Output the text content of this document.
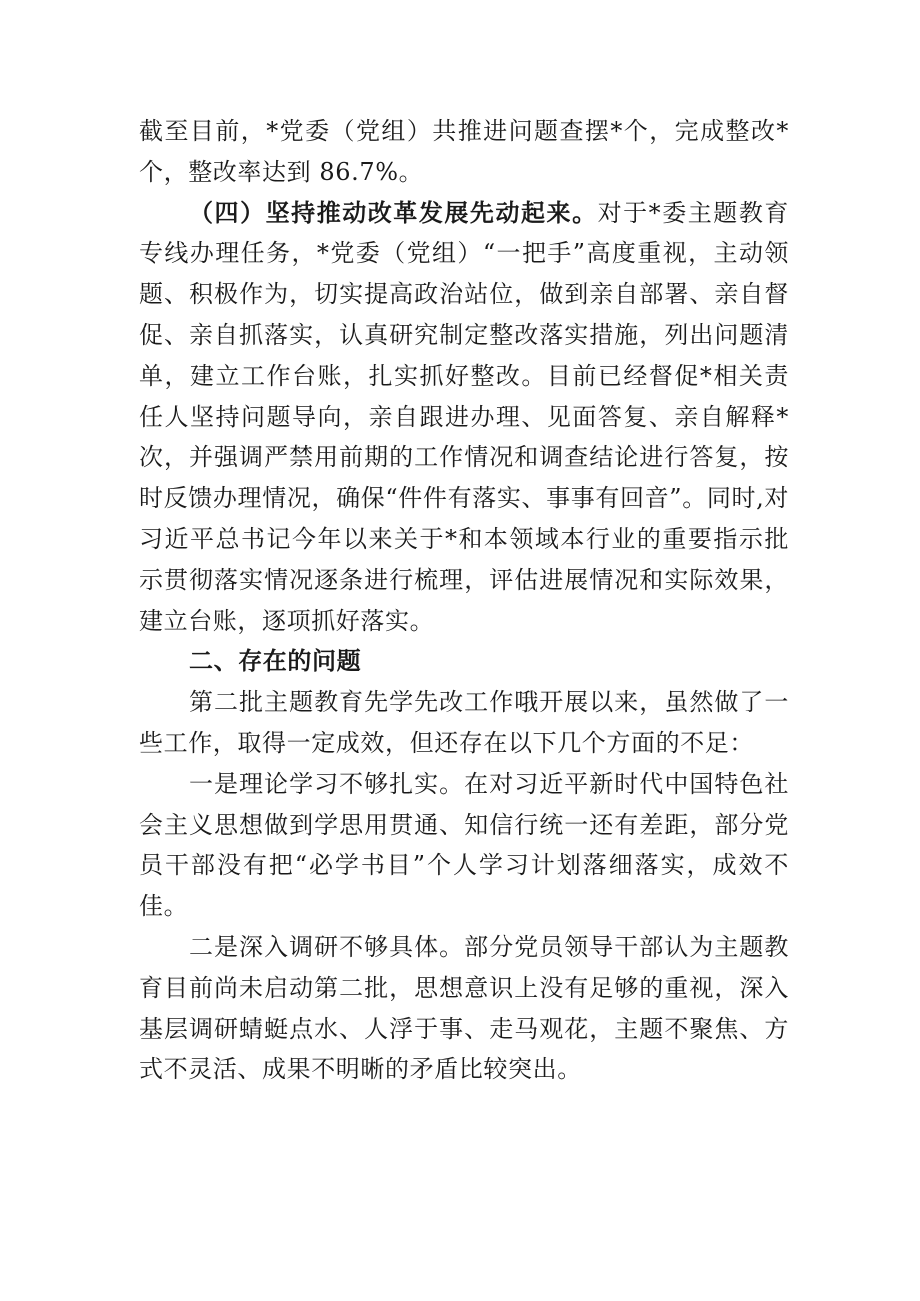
截至目前，*党委（党组）共推进问题查摆*个，完成整改*个，整改率达到 86.7%。

（四）坚持推动改革发展先动起来。对于*委主题教育专线办理任务，*党委（党组）“一把手”高度重视，主动领题、积极作为，切实提高政治站位，做到亲自部署、亲自督促、亲自抓落实，认真研究制定整改落实措施，列出问题清单，建立工作台账，扎实抓好整改。目前已经督促*相关责任人坚持问题导向，亲自跟进办理、见面答复、亲自解释*次，并强调严禁用前期的工作情况和调查结论进行答复，按时反馈办理情况，确保“件件有落实、事事有回音”。同时,对习近平总书记今年以来关于*和本领域本行业的重要指示批示贯彻落实情况逐条进行梳理，评估进展情况和实际效果，建立台账，逐项抓好落实。

二、存在的问题

第二批主题教育先学先改工作哦开展以来，虽然做了一些工作，取得一定成效，但还存在以下几个方面的不足：

一是理论学习不够扎实。在对习近平新时代中国特色社会主义思想做到学思用贯通、知信行统一还有差距，部分党员干部没有把“必学书目”个人学习计划落细落实，成效不佳。

二是深入调研不够具体。部分党员领导干部认为主题教育目前尚未启动第二批，思想意识上没有足够的重视，深入基层调研蜻蜓点水、人浮于事、走马观花，主题不聚焦、方式不灵活、成果不明晰的矛盾比较突出。
